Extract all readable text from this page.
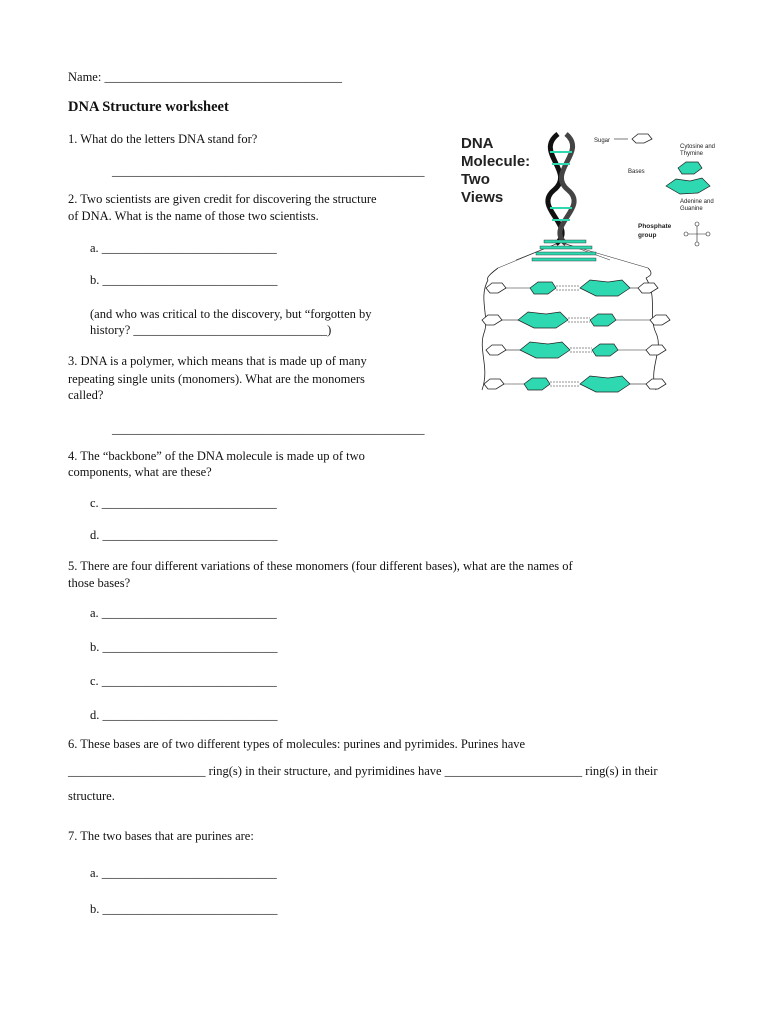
Name: ______________________________________
DNA Structure worksheet
1. What do the letters DNA stand for?
__________________________________________________
2. Two scientists are given credit for discovering the structure
of DNA. What is the name of those two scientists.
a. ____________________________
b. ____________________________
(and who was critical to the discovery, but “forgotten by
history? _______________________________)
3. DNA is a polymer, which means that is made up of many
repeating single units (monomers). What are the monomers
called?
__________________________________________________
4. The “backbone” of the DNA molecule is made up of two
components, what are these?
c. ____________________________
d. ____________________________
5. There are four different variations of these monomers (four different bases), what are the names of
those bases?
a. ____________________________
b. ____________________________
c. ____________________________
d. ____________________________
6. These bases are of two different types of molecules: purines and pyrimides. Purines have
______________________ ring(s) in their structure, and pyrimidines have ______________________ ring(s) in their
structure.
7. The two bases that are purines are:
a. ____________________________
b. ____________________________
DNA
Molecule:
Two
Views
Sugar
Cytosine and
Thymine
Bases
Adenine and
Guanine
Phosphate
group
